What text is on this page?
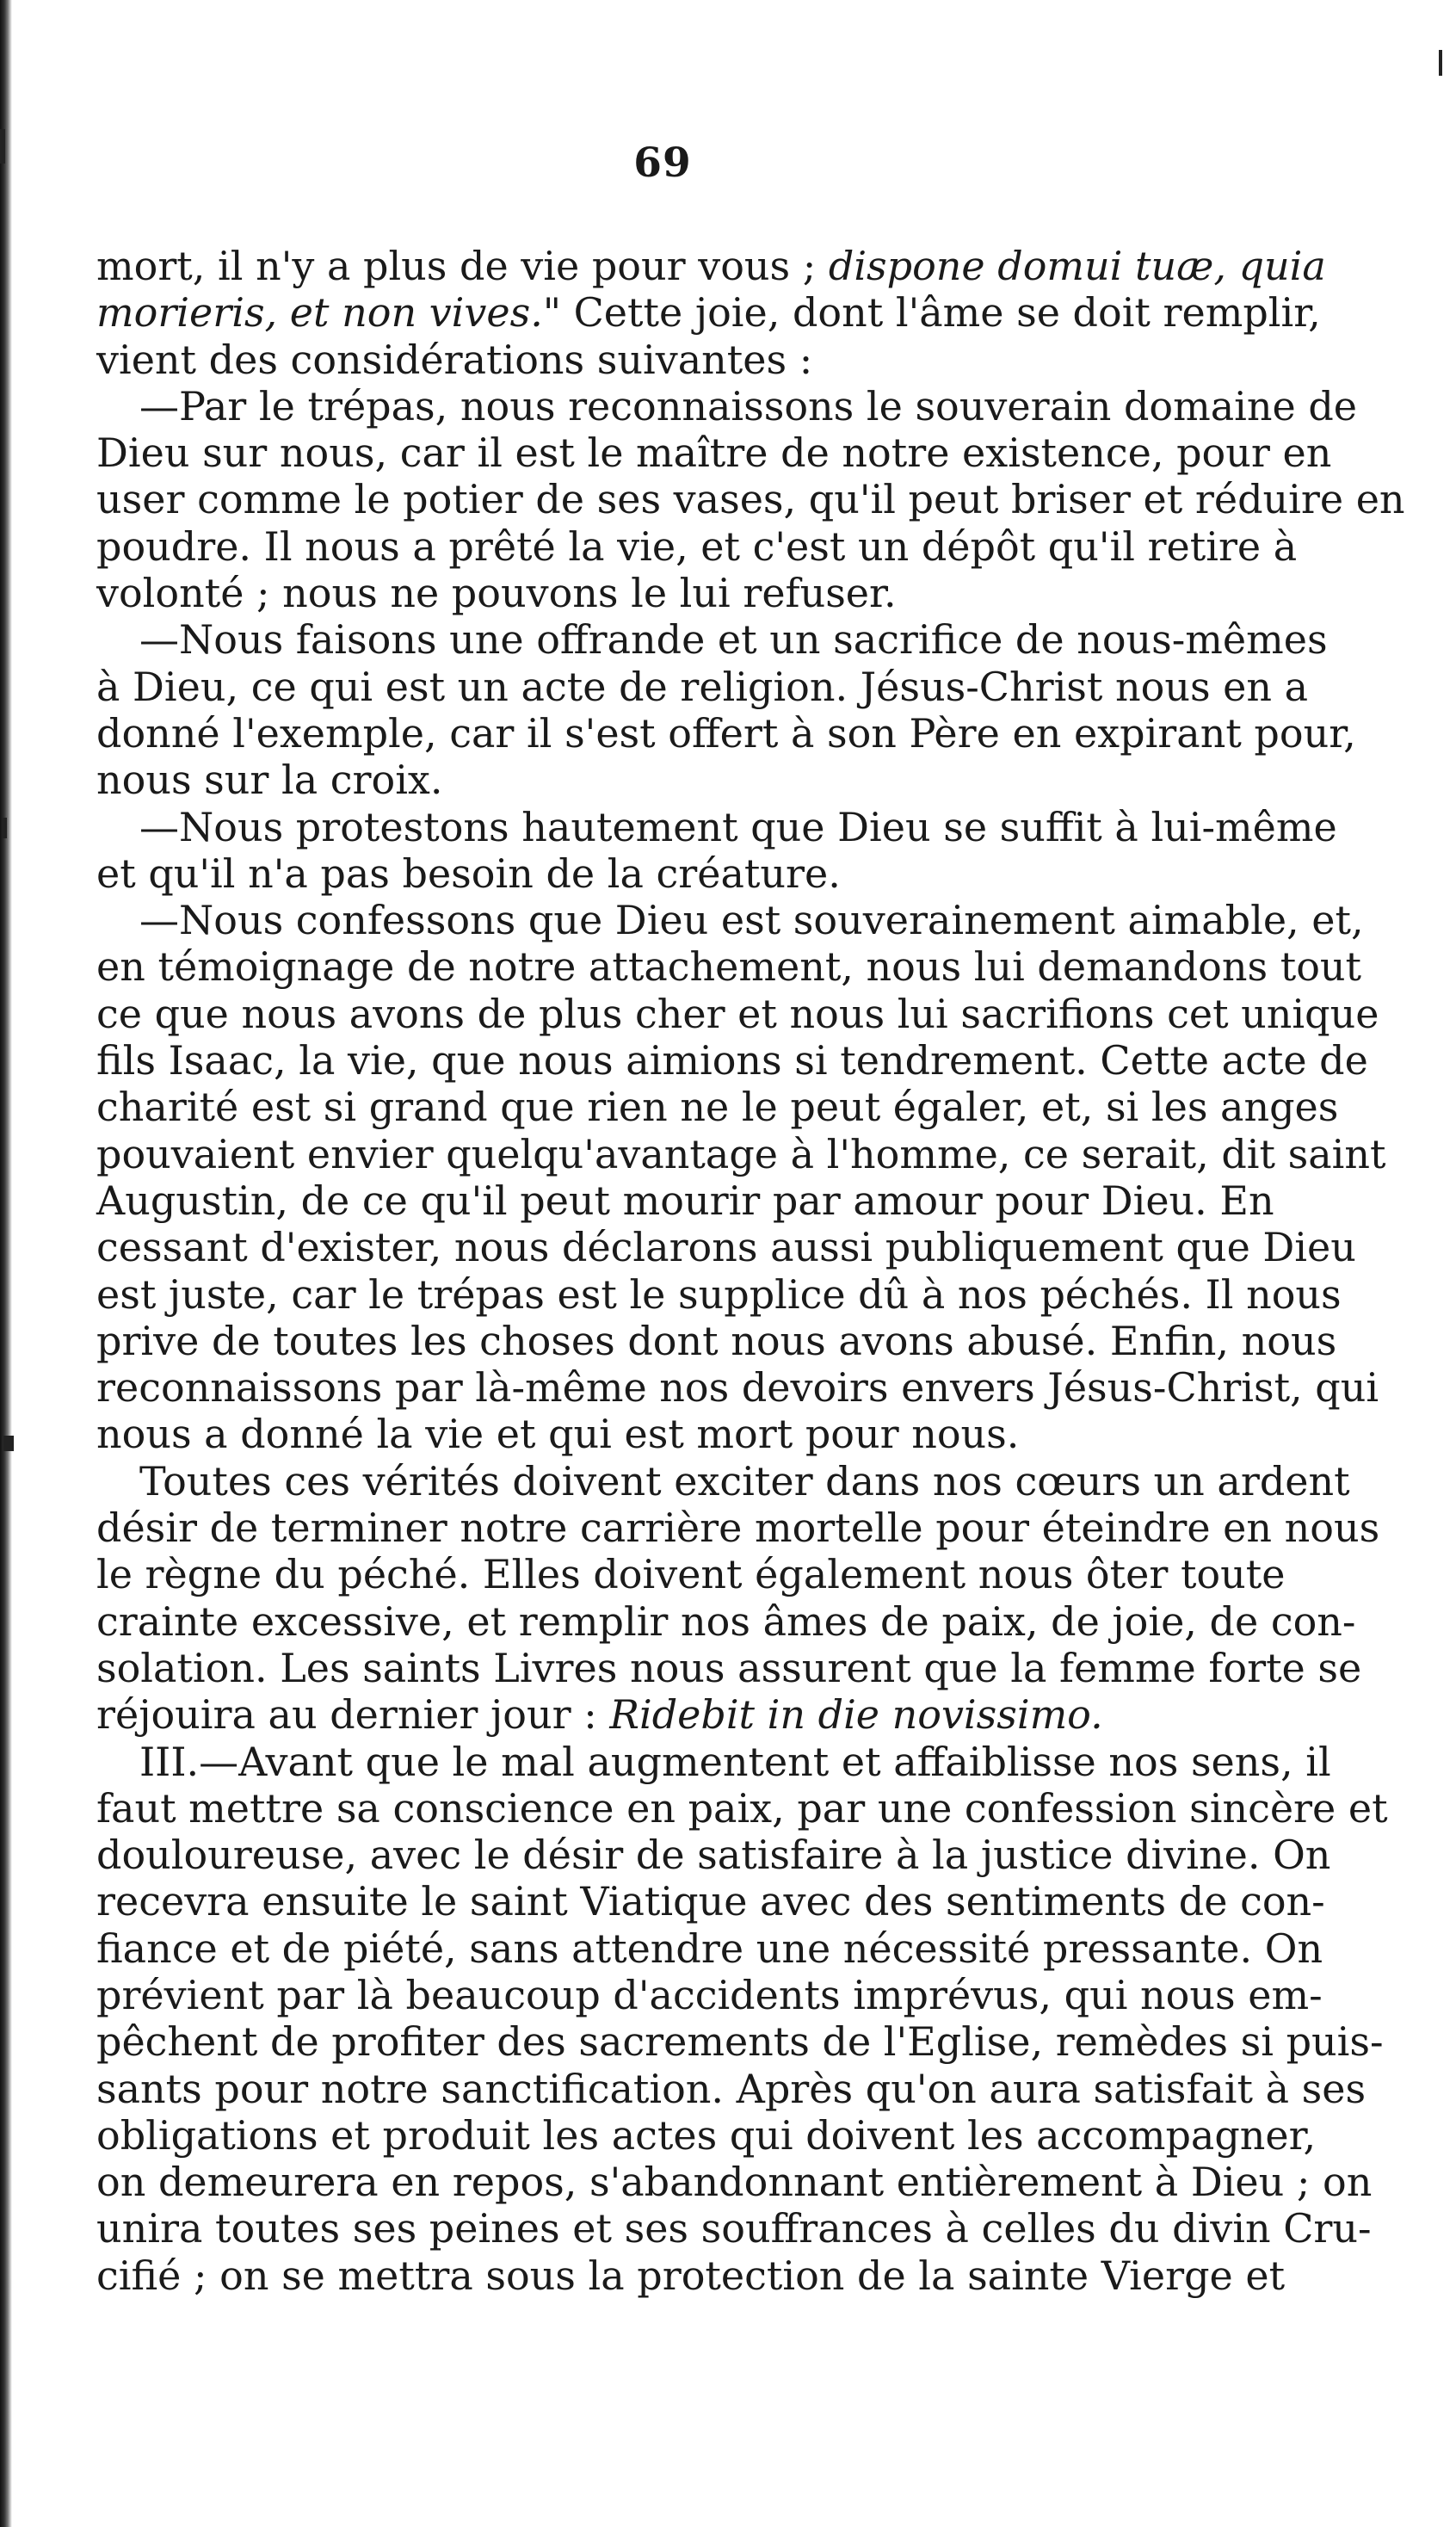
69
mort, il n'y a plus de vie pour vous ; dispone domui tuæ, quia
morieris, et non vives." Cette joie, dont l'âme se doit remplir,
vient des considérations suivantes :
—Par le trépas, nous reconnaissons le souverain domaine de
Dieu sur nous, car il est le maître de notre existence, pour en
user comme le potier de ses vases, qu'il peut briser et réduire en
poudre. Il nous a prêté la vie, et c'est un dépôt qu'il retire à
volonté ; nous ne pouvons le lui refuser.
—Nous faisons une offrande et un sacrifice de nous-mêmes
à Dieu, ce qui est un acte de religion. Jésus-Christ nous en a
donné l'exemple, car il s'est offert à son Père en expirant pour,
nous sur la croix.
—Nous protestons hautement que Dieu se suffit à lui-même
et qu'il n'a pas besoin de la créature.
—Nous confessons que Dieu est souverainement aimable, et,
en témoignage de notre attachement, nous lui demandons tout
ce que nous avons de plus cher et nous lui sacrifions cet unique
fils Isaac, la vie, que nous aimions si tendrement. Cette acte de
charité est si grand que rien ne le peut égaler, et, si les anges
pouvaient envier quelqu'avantage à l'homme, ce serait, dit saint
Augustin, de ce qu'il peut mourir par amour pour Dieu. En
cessant d'exister, nous déclarons aussi publiquement que Dieu
est juste, car le trépas est le supplice dû à nos péchés. Il nous
prive de toutes les choses dont nous avons abusé. Enfin, nous
reconnaissons par là-même nos devoirs envers Jésus-Christ, qui
nous a donné la vie et qui est mort pour nous.
Toutes ces vérités doivent exciter dans nos cœurs un ardent
désir de terminer notre carrière mortelle pour éteindre en nous
le règne du péché. Elles doivent également nous ôter toute
crainte excessive, et remplir nos âmes de paix, de joie, de con-
solation. Les saints Livres nous assurent que la femme forte se
réjouira au dernier jour : Ridebit in die novissimo.
III.—Avant que le mal augmentent et affaiblisse nos sens, il
faut mettre sa conscience en paix, par une confession sincère et
douloureuse, avec le désir de satisfaire à la justice divine. On
recevra ensuite le saint Viatique avec des sentiments de con-
fiance et de piété, sans attendre une nécessité pressante. On
prévient par là beaucoup d'accidents imprévus, qui nous em-
pêchent de profiter des sacrements de l'Eglise, remèdes si puis-
sants pour notre sanctification. Après qu'on aura satisfait à ses
obligations et produit les actes qui doivent les accompagner,
on demeurera en repos, s'abandonnant entièrement à Dieu ; on
unira toutes ses peines et ses souffrances à celles du divin Cru-
cifié ; on se mettra sous la protection de la sainte Vierge et
